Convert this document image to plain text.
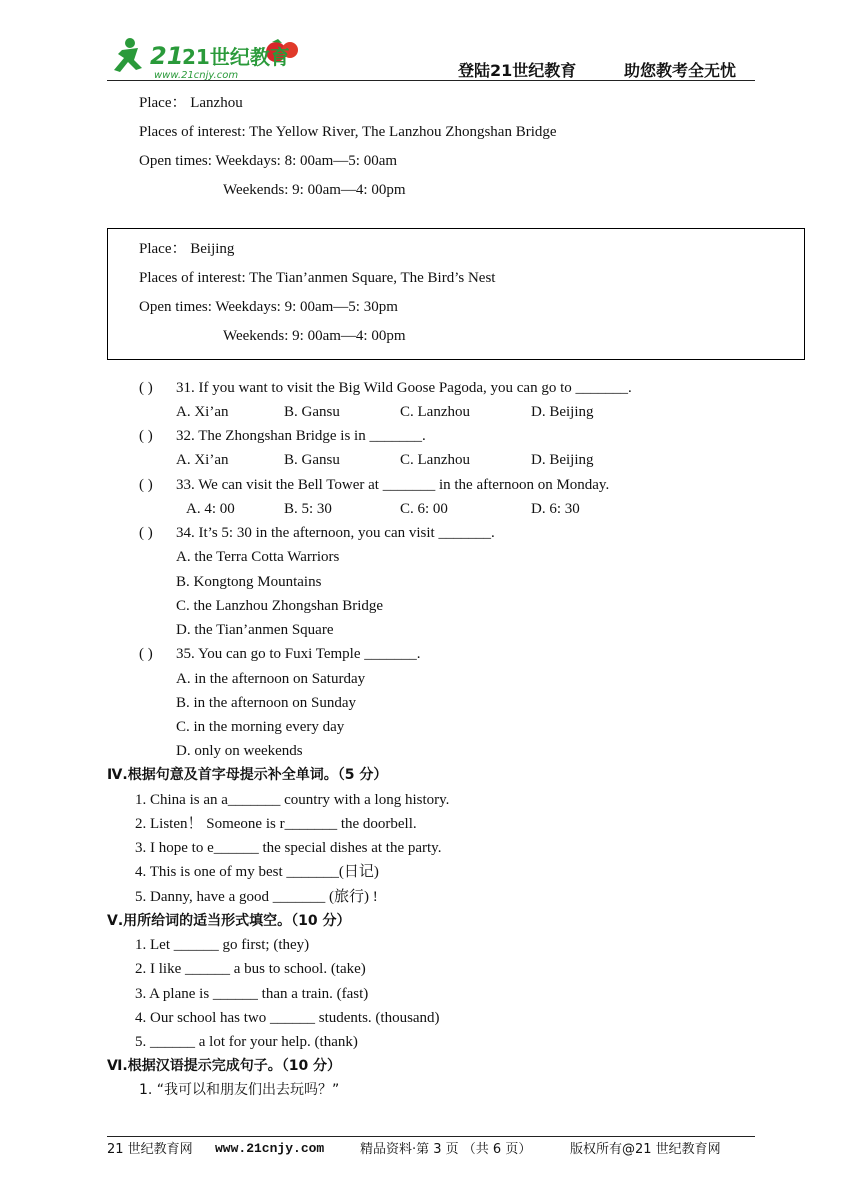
21
21世纪教育
www.21cnjy.com	登陆21世纪教育	助您教考全无忧
Place： Lanzhou
Places of interest: The Yellow River, The Lanzhou Zhongshan Bridge
Open times: Weekdays: 8: 00am—5: 00am
Weekends: 9: 00am—4: 00pm
Place： Beijing
Places of interest: The Tian’anmen Square, The Bird’s Nest
Open times: Weekdays: 9: 00am—5: 30pm
Weekends: 9: 00am—4: 00pm
( ) 31. If you want to visit the Big Wild Goose Pagoda, you can go to _______.
A. Xi’an	B. Gansu	C. Lanzhou	D. Beijing
( ) 32. The Zhongshan Bridge is in _______.
A. Xi’an	B. Gansu	C. Lanzhou	D. Beijing
( ) 33. We can visit the Bell Tower at _______ in the afternoon on Monday.
A. 4: 00	B. 5: 30	C. 6: 00	D. 6: 30
( ) 34. It’s 5: 30 in the afternoon, you can visit _______.
A. the Terra Cotta Warriors
B. Kongtong Mountains
C. the Lanzhou Zhongshan Bridge
D. the Tian’anmen Square
( ) 35. You can go to Fuxi Temple _______.
A. in the afternoon on Saturday
B. in the afternoon on Sunday
C. in the morning every day
D. only on weekends
Ⅳ.根据句意及首字母提示补全单词。（5 分）
1. China is an a_______ country with a long history.
2. Listen！ Someone is r_______ the doorbell.
3. I hope to e______ the special dishes at the party.
4. This is one of my best _______(日记)
5. Danny, have a good _______ (旅行) !
Ⅴ.用所给词的适当形式填空。（10 分）
1. Let ______ go first; (they)
2. I like ______ a bus to school. (take)
3. A plane is ______ than a train. (fast)
4. Our school has two ______ students. (thousand)
5. ______ a lot for your help. (thank)
Ⅵ.根据汉语提示完成句子。（10 分）
1. “我可以和朋友们出去玩吗？”
21 世纪教育网 www.21cnjy.com	精品资料·第 3 页 （共 6 页）	版权所有@21 世纪教育网
